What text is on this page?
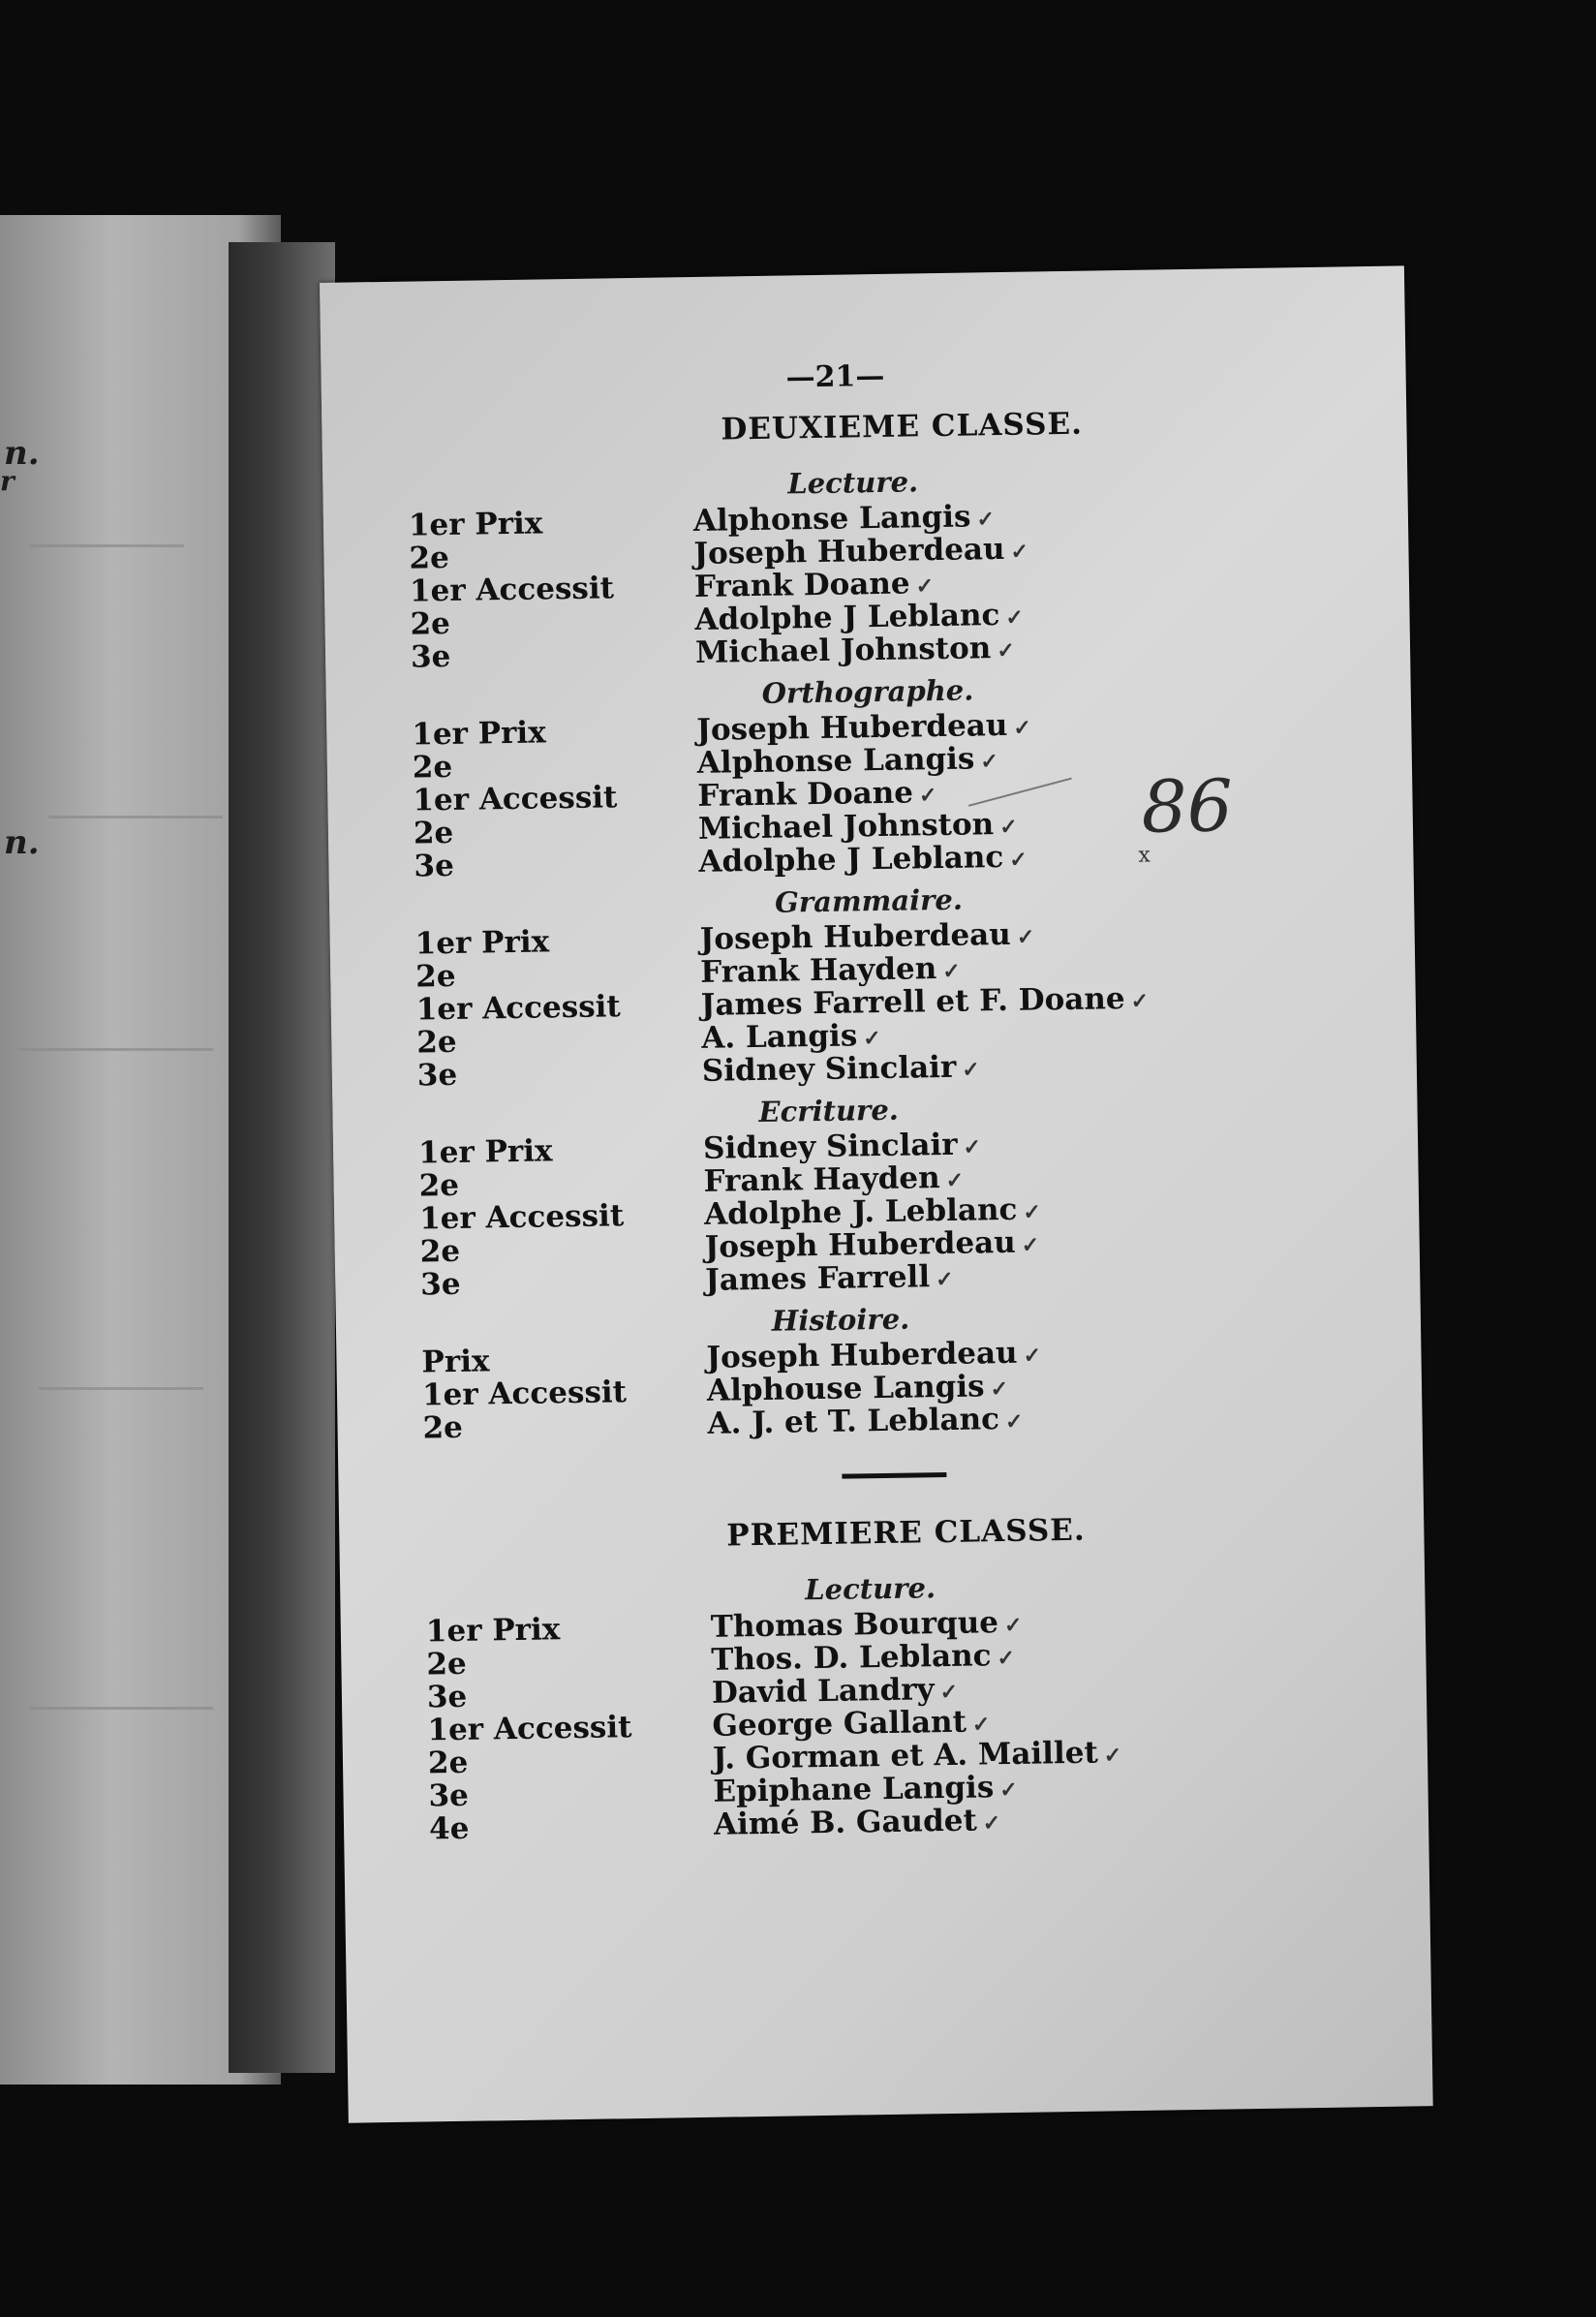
n.
r
n.
—21—
86
x
DEUXIEME CLASSE.
Lecture.
1er Prix	Alphonse Langis ✓
2e	Joseph Huberdeau ✓
1er Accessit	Frank Doane ✓
2e	Adolphe J Leblanc ✓
3e	Michael Johnston ✓
Orthographe.
1er Prix	Joseph Huberdeau ✓
2e	Alphonse Langis ✓
1er Accessit	Frank Doane ✓
2e	Michael Johnston ✓
3e	Adolphe J Leblanc ✓
Grammaire.
1er Prix	Joseph Huberdeau ✓
2e	Frank Hayden ✓
1er Accessit	James Farrell et F. Doane ✓
2e	A. Langis ✓
3e	Sidney Sinclair ✓
Ecriture.
1er Prix	Sidney Sinclair ✓
2e	Frank Hayden ✓
1er Accessit	Adolphe J. Leblanc ✓
2e	Joseph Huberdeau ✓
3e	James Farrell ✓
Histoire.
Prix	Joseph Huberdeau ✓
1er Accessit	Alphouse Langis ✓
2e	A. J. et T. Leblanc ✓
PREMIERE CLASSE.
Lecture.
1er Prix	Thomas Bourque ✓
2e	Thos. D. Leblanc ✓
3e	David Landry ✓
1er Accessit	George Gallant ✓
2e	J. Gorman et A. Maillet ✓
3e	Epiphane Langis ✓
4e	Aimé B. Gaudet ✓
